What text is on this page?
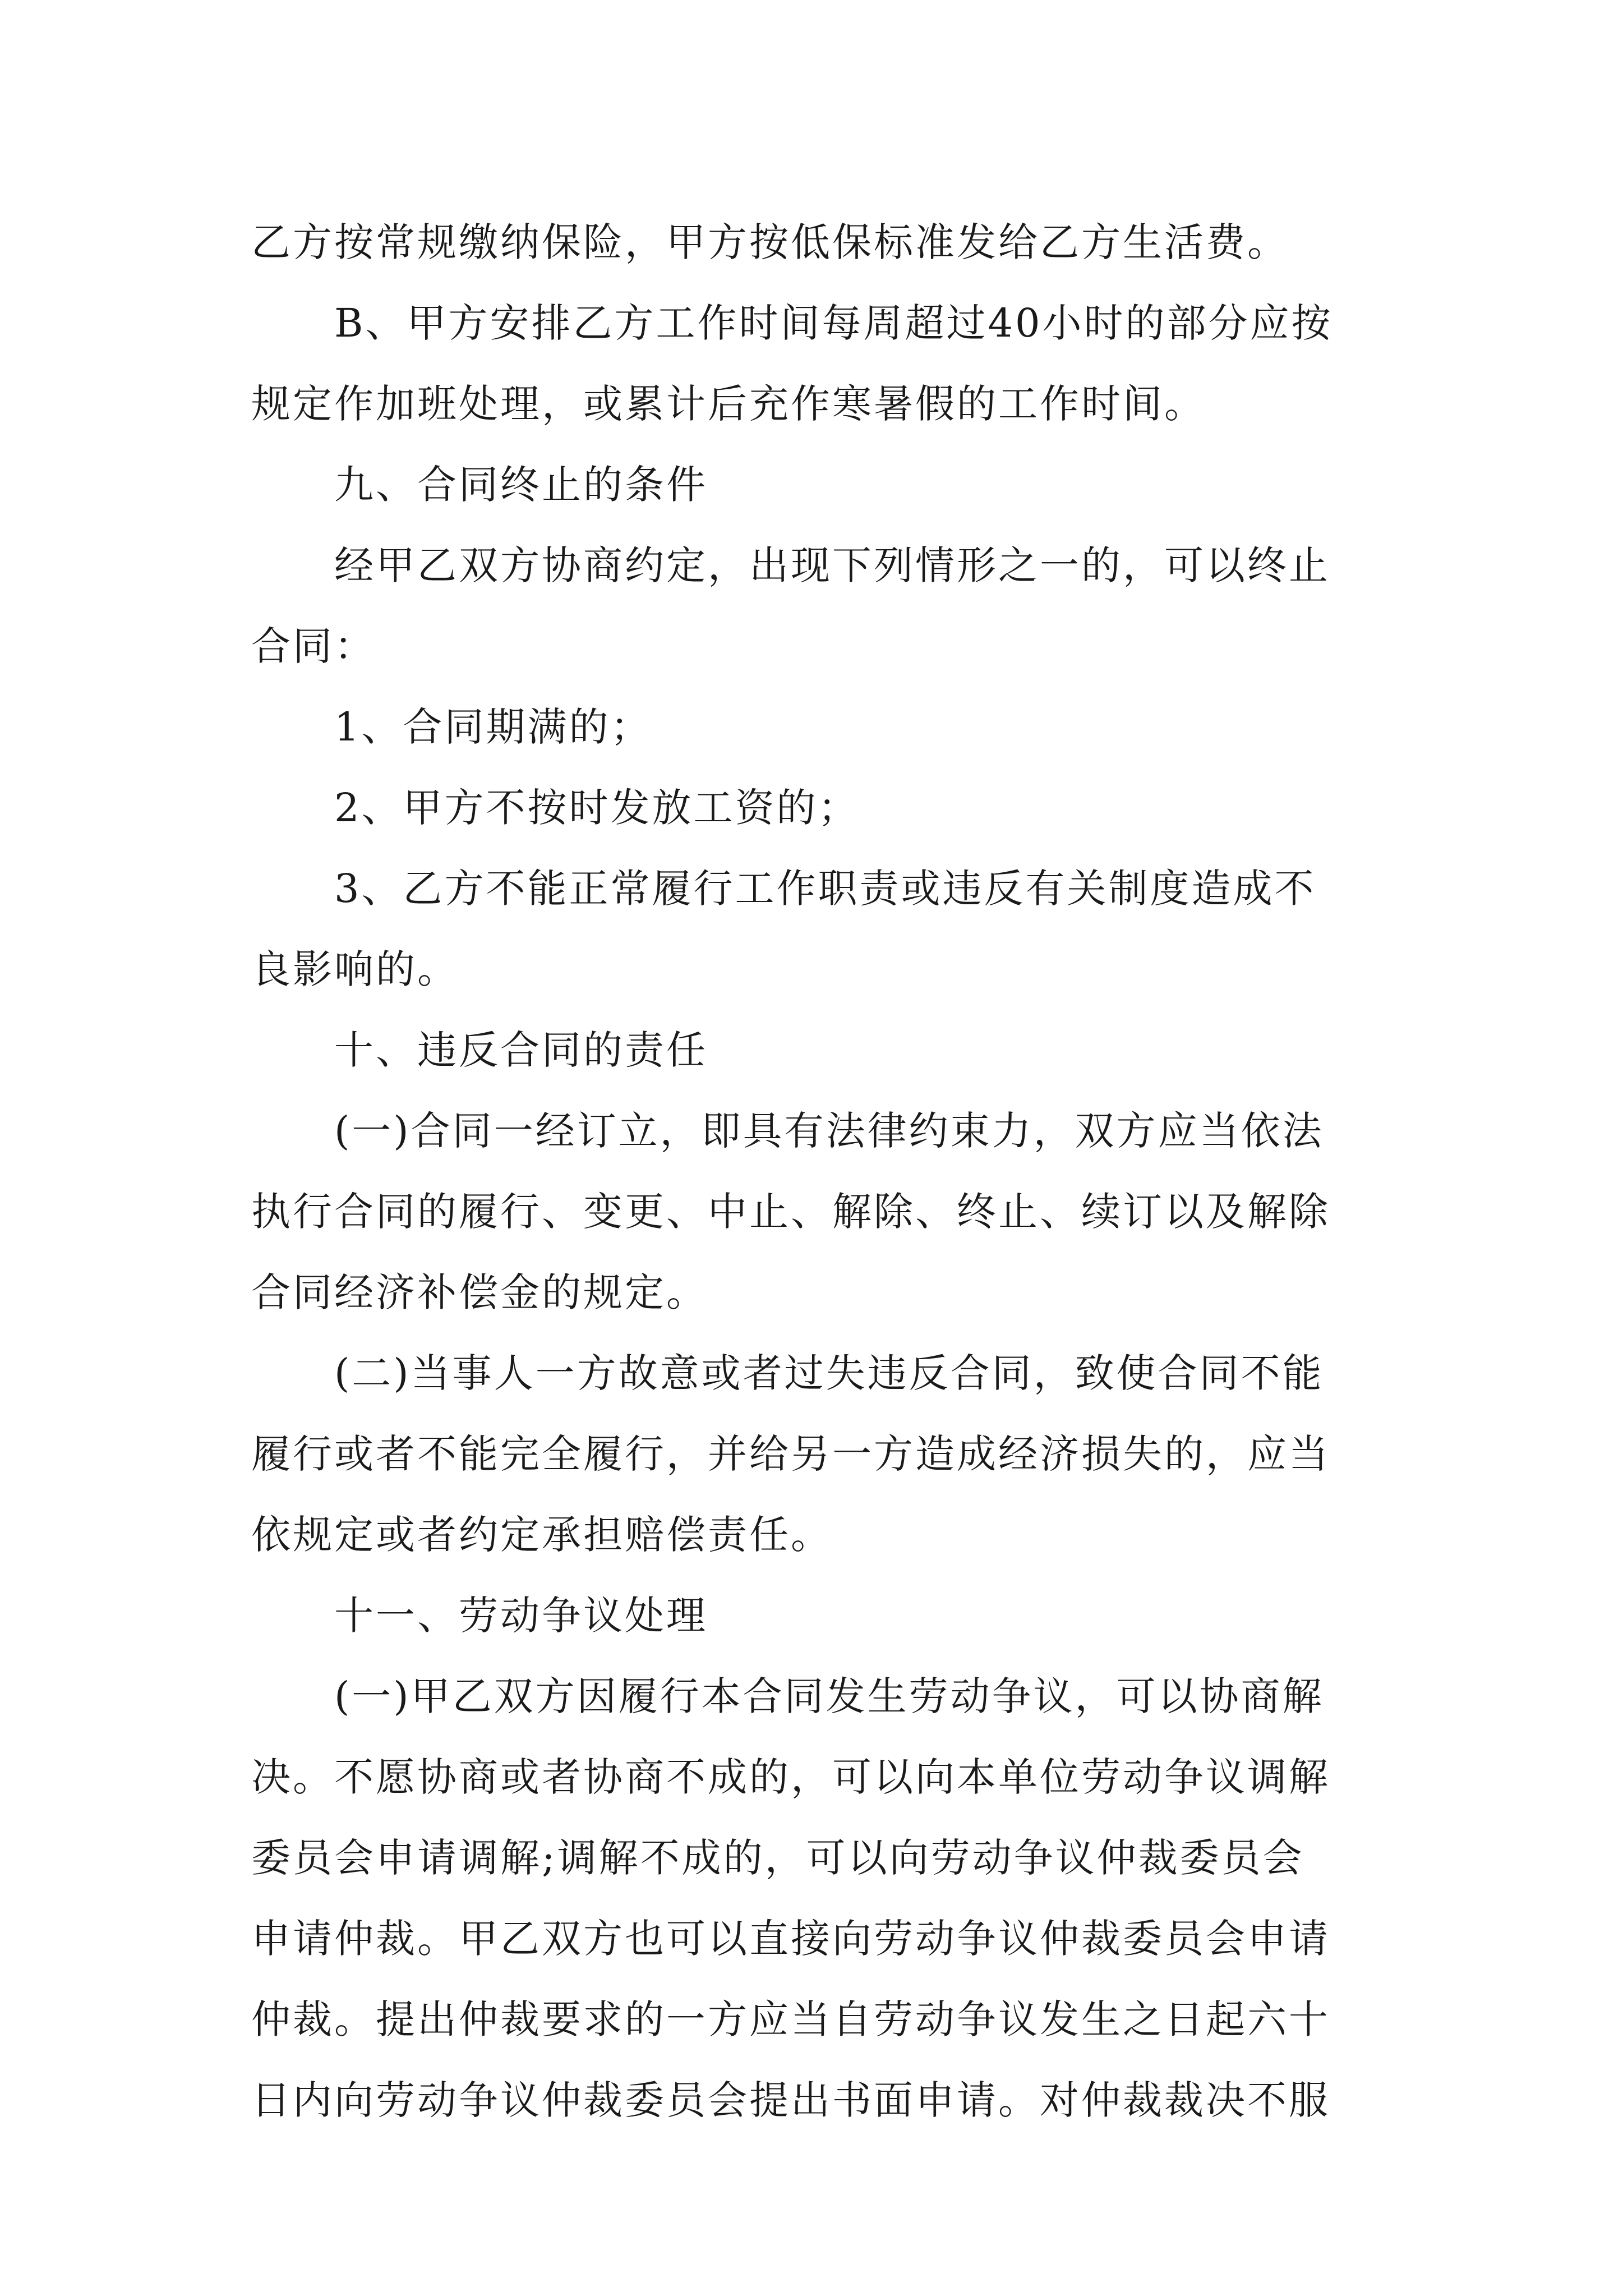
乙方按常规缴纳保险，甲方按低保标准发给乙方生活费。
B、甲方安排乙方工作时间每周超过40小时的部分应按
规定作加班处理，或累计后充作寒暑假的工作时间。
九、合同终止的条件
经甲乙双方协商约定，出现下列情形之一的，可以终止
合同：
1、合同期满的；
2、甲方不按时发放工资的；
3、乙方不能正常履行工作职责或违反有关制度造成不
良影响的。
十、违反合同的责任
(一)合同一经订立，即具有法律约束力，双方应当依法
执行合同的履行、变更、中止、解除、终止、续订以及解除
合同经济补偿金的规定。
(二)当事人一方故意或者过失违反合同，致使合同不能
履行或者不能完全履行，并给另一方造成经济损失的，应当
依规定或者约定承担赔偿责任。
十一、劳动争议处理
(一)甲乙双方因履行本合同发生劳动争议，可以协商解
决。不愿协商或者协商不成的，可以向本单位劳动争议调解
委员会申请调解;调解不成的，可以向劳动争议仲裁委员会
申请仲裁。甲乙双方也可以直接向劳动争议仲裁委员会申请
仲裁。提出仲裁要求的一方应当自劳动争议发生之日起六十
日内向劳动争议仲裁委员会提出书面申请。对仲裁裁决不服
